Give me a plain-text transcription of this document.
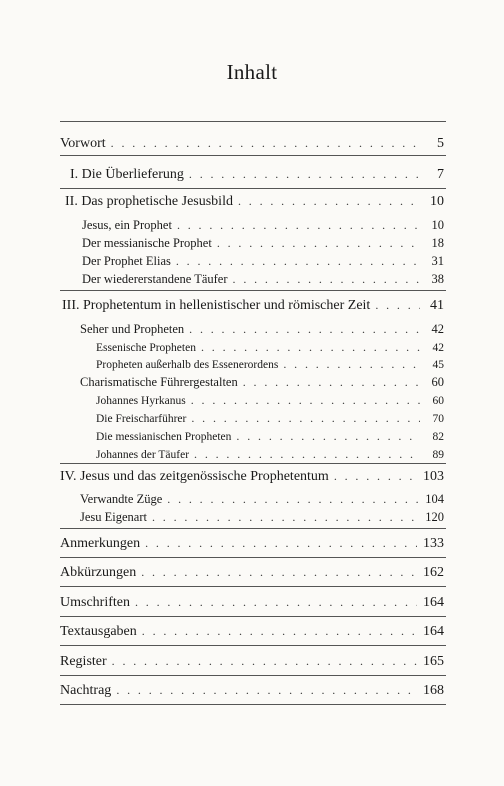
Inhalt
Vorwort . . .	5
I. Die Überlieferung . . .	7
II. Das prophetische Jesusbild . . .	10
Jesus, ein Prophet . . .	10
Der messianische Prophet . . .	18
Der Prophet Elias . . .	31
Der wiedererstandene Täufer . . .	38
III. Prophetentum in hellenistischer und römischer Zeit . . .	41
Seher und Propheten . . .	42
Essenische Propheten . . .	42
Propheten außerhalb des Essenerordens . . .	45
Charismatische Führergestalten . . .	60
Johannes Hyrkanus . . .	60
Die Freischarführer . . .	70
Die messianischen Propheten . . .	82
Johannes der Täufer . . .	89
IV. Jesus und das zeitgenössische Prophetentum . . .	103
Verwandte Züge . . .	104
Jesu Eigenart . . .	120
Anmerkungen . . .	133
Abkürzungen . . .	162
Umschriften . . .	164
Textausgaben . . .	164
Register . . .	165
Nachtrag . . .	168
